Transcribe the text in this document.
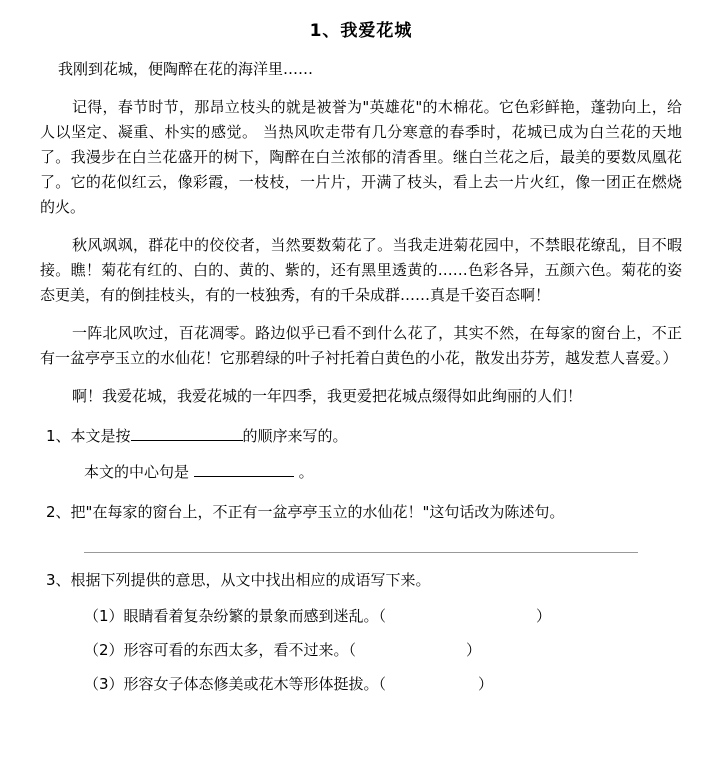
1、我爱花城

我刚到花城，便陶醉在花的海洋里……

记得，春节时节，那昂立枝头的就是被誉为"英雄花"的木棉花。它色彩鲜艳，蓬勃向上，给人以坚定、凝重、朴实的感觉。 当热风吹走带有几分寒意的春季时，花城已成为白兰花的天地了。我漫步在白兰花盛开的树下，陶醉在白兰浓郁的清香里。继白兰花之后，最美的要数凤凰花了。它的花似红云，像彩霞，一枝枝，一片片，开满了枝头，看上去一片火红，像一团正在燃烧的火。

秋风飒飒，群花中的佼佼者，当然要数菊花了。当我走进菊花园中，不禁眼花缭乱，目不暇接。瞧！菊花有红的、白的、黄的、紫的，还有黑里透黄的……色彩各异，五颜六色。菊花的姿态更美，有的倒挂枝头，有的一枝独秀，有的千朵成群……真是千姿百态啊！

一阵北风吹过，百花凋零。路边似乎已看不到什么花了，其实不然，在每家的窗台上，不正有一盆亭亭玉立的水仙花！它那碧绿的叶子衬托着白黄色的小花，散发出芬芳，越发惹人喜爱。）

啊！我爱花城，我爱花城的一年四季，我更爱把花城点缀得如此绚丽的人们！

1、本文是按	的顺序来写的。
本文的中心句是	。
2、把"在每家的窗台上，不正有一盆亭亭玉立的水仙花！"这句话改为陈述句。
3、根据下列提供的意思，从文中找出相应的成语写下来。
（1）眼睛看着复杂纷繁的景象而感到迷乱。（	）
（2）形容可看的东西太多，看不过来。（	）
（3）形容女子体态修美或花木等形体挺拔。（	）
